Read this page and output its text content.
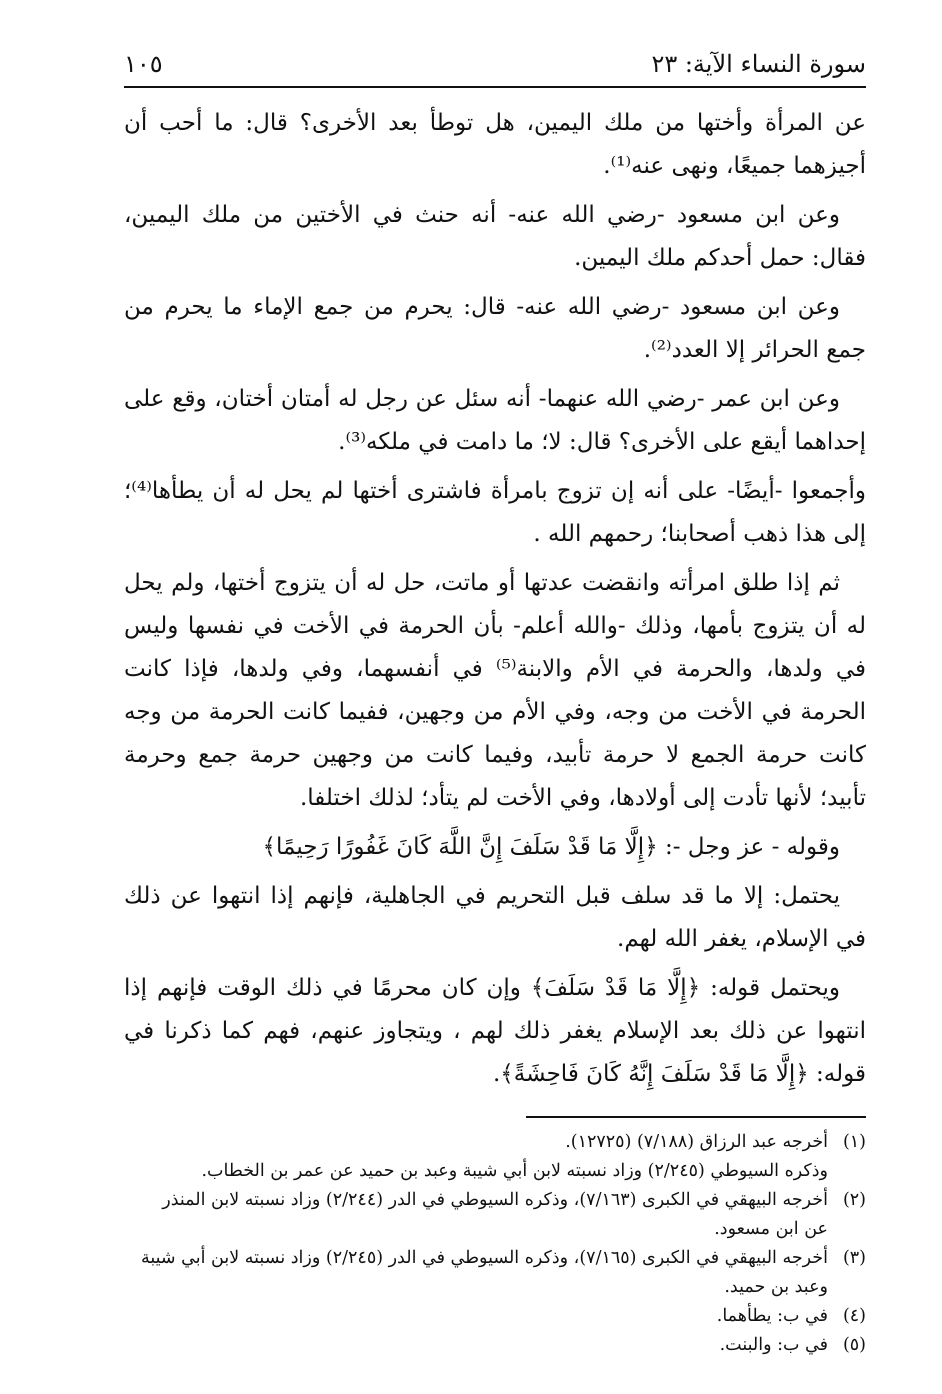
سورة النساء الآية: ٢٣
١٠٥

عن المرأة وأختها من ملك اليمين، هل توطأ بعد الأخرى؟ قال: ما أحب أن أجيزهما جميعًا، ونهى عنه⁽¹⁾.

وعن ابن مسعود -رضي الله عنه- أنه حنث في الأختين من ملك اليمين، فقال: حمل أحدكم ملك اليمين.

وعن ابن مسعود -رضي الله عنه- قال: يحرم من جمع الإماء ما يحرم من جمع الحرائر إلا العدد⁽²⁾.

وعن ابن عمر -رضي الله عنهما- أنه سئل عن رجل له أمتان أختان، وقع على إحداهما أيقع على الأخرى؟ قال: لا؛ ما دامت في ملكه⁽³⁾.

وأجمعوا -أيضًا- على أنه إن تزوج بامرأة فاشترى أختها لم يحل له أن يطأها⁽⁴⁾؛ إلى هذا ذهب أصحابنا؛ رحمهم الله .

ثم إذا طلق امرأته وانقضت عدتها أو ماتت، حل له أن يتزوج أختها، ولم يحل له أن يتزوج بأمها، وذلك -والله أعلم- بأن الحرمة في الأخت في نفسها وليس في ولدها، والحرمة في الأم والابنة⁽⁵⁾ في أنفسهما، وفي ولدها، فإذا كانت الحرمة في الأخت من وجه، وفي الأم من وجهين، ففيما كانت الحرمة من وجه كانت حرمة الجمع لا حرمة تأبيد، وفيما كانت من وجهين حرمة جمع وحرمة تأبيد؛ لأنها تأدت إلى أولادها، وفي الأخت لم يتأد؛ لذلك اختلفا.

وقوله - عز وجل -: ﴿إِلَّا مَا قَدْ سَلَفَ إِنَّ اللَّهَ كَانَ غَفُورًا رَحِيمًا﴾

يحتمل: إلا ما قد سلف قبل التحريم في الجاهلية، فإنهم إذا انتهوا عن ذلك في الإسلام، يغفر الله لهم.

ويحتمل قوله: ﴿إِلَّا مَا قَدْ سَلَفَ﴾ وإن كان محرمًا في ذلك الوقت فإنهم إذا انتهوا عن ذلك بعد الإسلام يغفر ذلك لهم ، ويتجاوز عنهم، فهم كما ذكرنا في قوله: ﴿إِلَّا مَا قَدْ سَلَفَ إِنَّهُ كَانَ فَاحِشَةً﴾.

(١)أخرجه عبد الرزاق (٧/١٨٨) (١٢٧٢٥).
وذكره السيوطي (٢/٢٤٥) وزاد نسبته لابن أبي شيبة وعبد بن حميد عن عمر بن الخطاب.
(٢)أخرجه البيهقي في الكبرى (٧/١٦٣)، وذكره السيوطي في الدر (٢/٢٤٤) وزاد نسبته لابن المنذر
عن ابن مسعود.
(٣)أخرجه البيهقي في الكبرى (٧/١٦٥)، وذكره السيوطي في الدر (٢/٢٤٥) وزاد نسبته لابن أبي شيبة
وعبد بن حميد.
(٤)في ب: يطأهما.
(٥)في ب: والبنت.
